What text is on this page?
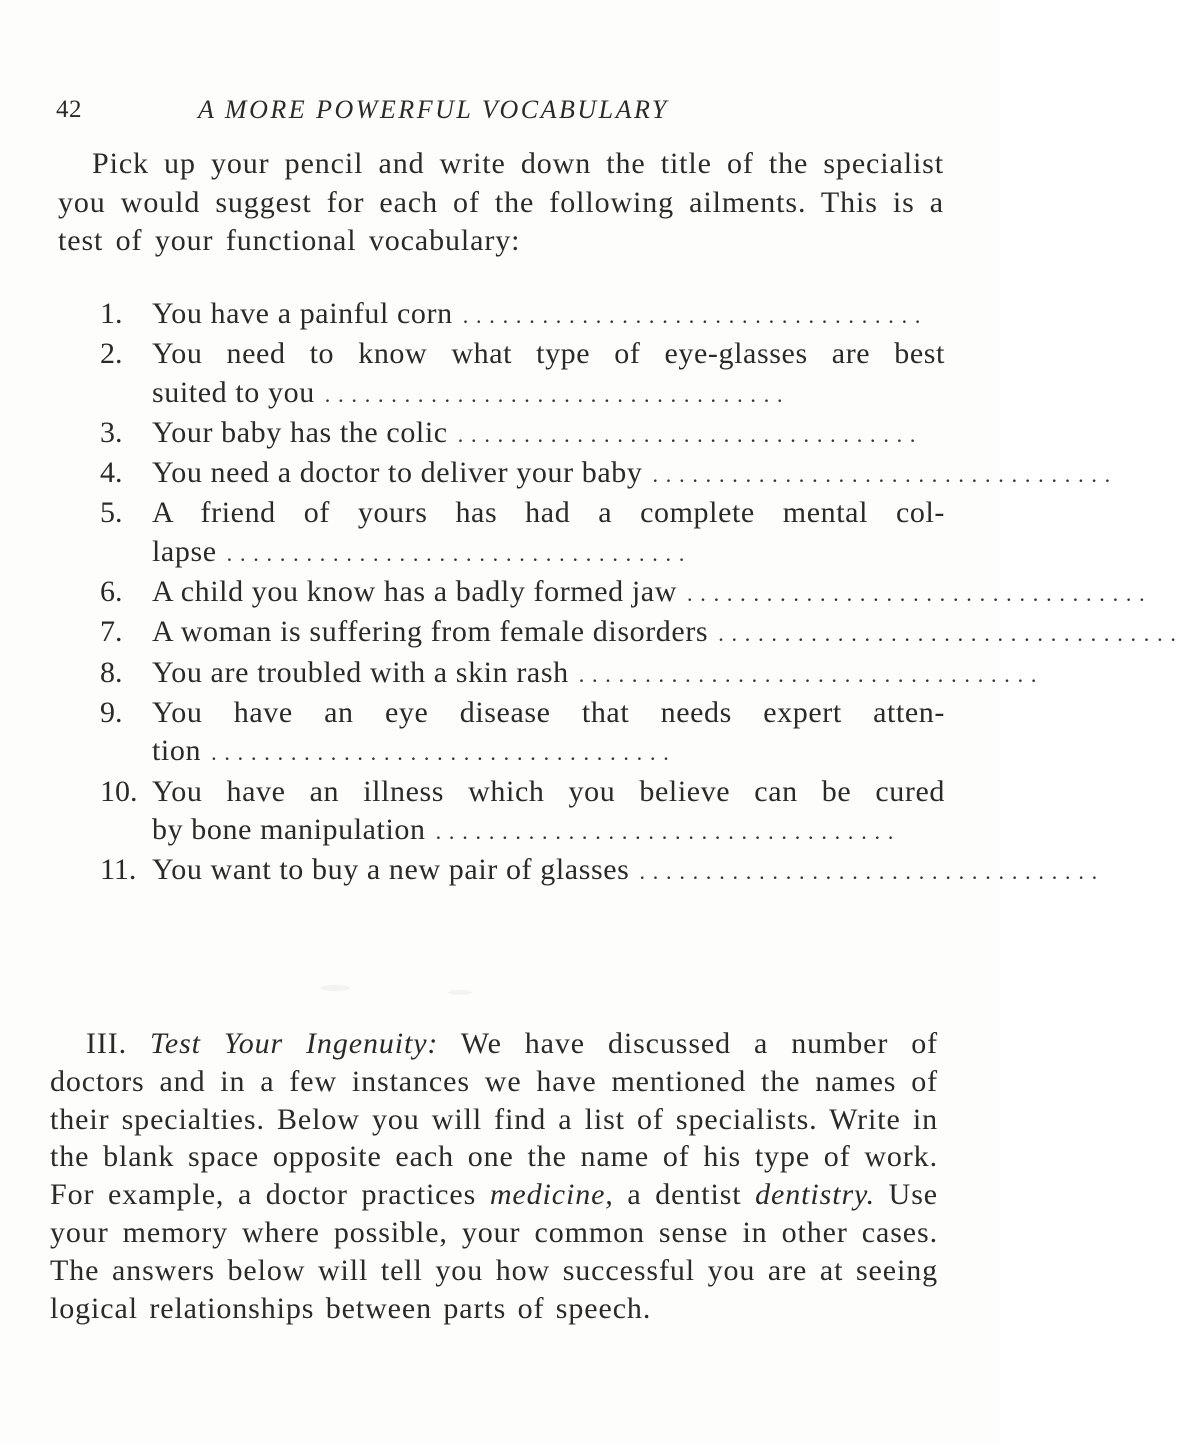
42	A MORE POWERFUL VOCABULARY

Pick up your pencil and write down the title of the specialist you would suggest for each of the following ailments. This is a test of your functional vocabulary:

1. You have a painful corn ...................................
2. You need to know what type of eye-glasses are best
suited to you ...................................
3. Your baby has the colic ...................................
4. You need a doctor to deliver your baby ...................................
5. A friend of yours has had a complete mental col-
lapse ...................................
6. A child you know has a badly formed jaw ...................................
7. A woman is suffering from female disorders ...................................
8. You are troubled with a skin rash ...................................
9. You have an eye disease that needs expert atten-
tion ...................................
10. You have an illness which you believe can be cured
by bone manipulation ...................................
11. You want to buy a new pair of glasses ...................................

III. Test Your Ingenuity: We have discussed a number of doctors and in a few instances we have mentioned the names of their specialties. Below you will find a list of specialists. Write in the blank space opposite each one the name of his type of work. For example, a doctor practices medicine, a dentist dentistry. Use your memory where possible, your common sense in other cases. The answers below will tell you how successful you are at seeing logical relationships between parts of speech.
